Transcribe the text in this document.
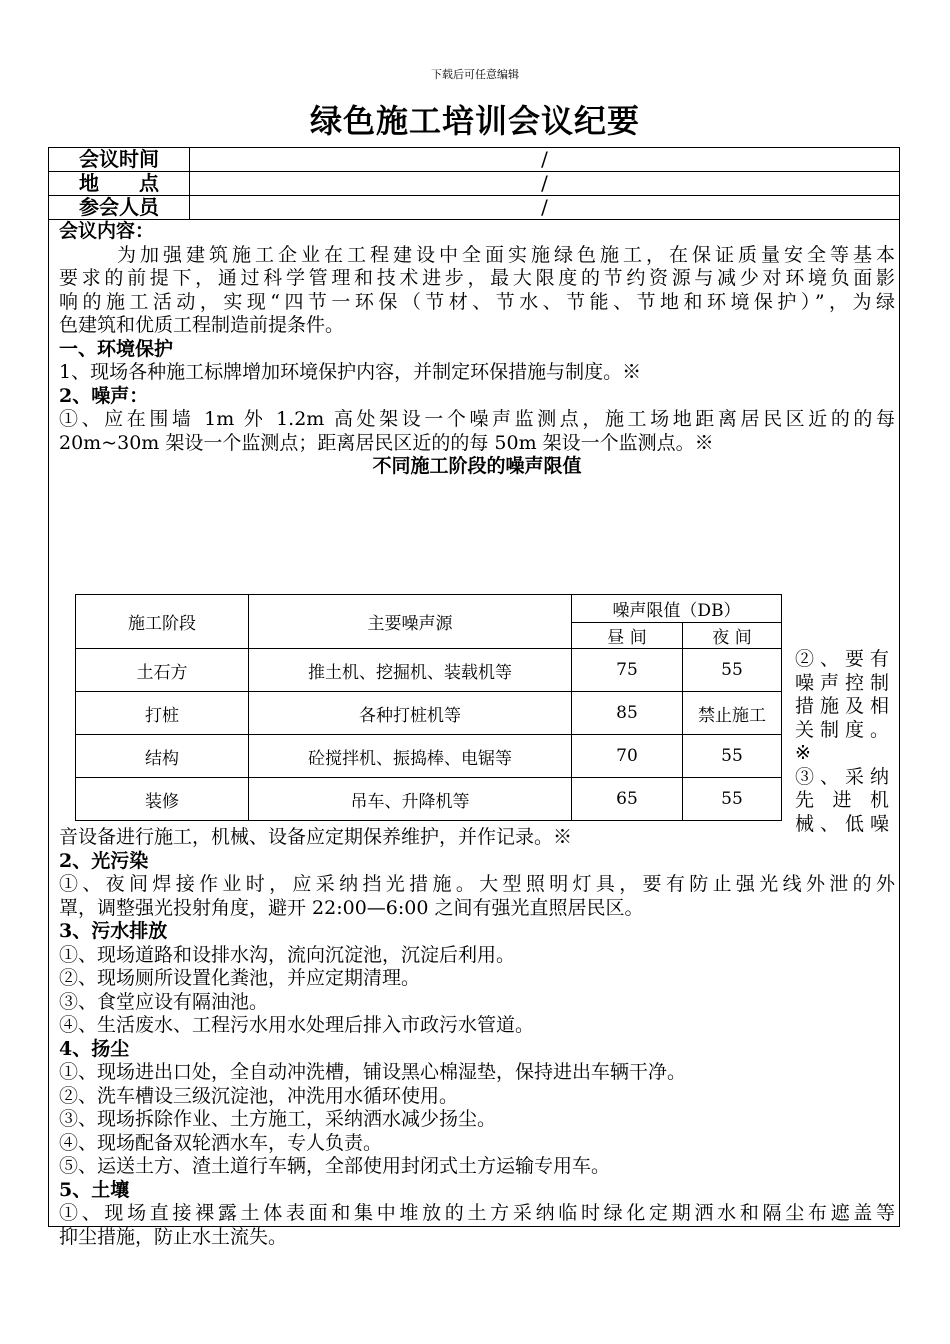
下载后可任意编辑
绿色施工培训会议纪要
会议时间	/
地　　点	/
参会人员	/
会议内容：
为加强建筑施工企业在工程建设中全面实施绿色施工，在保证质量安全等基本
要求的前提下，通过科学管理和技术进步，最大限度的节约资源与减少对环境负面影
响的施工活动，实现“四节一环保（节材、节水、节能、节地和环境保护）”，为绿
色建筑和优质工程制造前提条件。
一、环境保护
1、现场各种施工标牌增加环境保护内容，并制定环保措施与制度。※
2、噪声：
①、应在围墙 1m 外 1.2m 高处架设一个噪声监测点，施工场地距离居民区近的的每
20m~30m 架设一个监测点；距离居民区近的的每 50m 架设一个监测点。※
不同施工阶段的噪声限值
施工阶段	主要噪声源	噪声限值（DB）	
		昼 间	夜 间
土石方	推土机、挖掘机、装载机等	75	55
打桩	各种打桩机等	85	禁止施工
结构	砼搅拌机、振捣棒、电锯等	70	55
装修	吊车、升降机等	65	55
②、要有
噪声控制
措施及相
关制度。
※
③、采纳
先 进 机
械、低噪
音设备进行施工，机械、设备应定期保养维护，并作记录。※
2、光污染
①、夜间焊接作业时，应采纳挡光措施。大型照明灯具，要有防止强光线外泄的外
罩，调整强光投射角度，避开 22:00—6:00 之间有强光直照居民区。
3、污水排放
①、现场道路和设排水沟，流向沉淀池，沉淀后利用。
②、现场厕所设置化粪池，并应定期清理。
③、食堂应设有隔油池。
④、生活废水、工程污水用水处理后排入市政污水管道。
4、扬尘
①、现场进出口处，全自动冲洗槽，铺设黑心棉湿垫，保持进出车辆干净。
②、洗车槽设三级沉淀池，冲洗用水循环使用。
③、现场拆除作业、土方施工，采纳洒水减少扬尘。
④、现场配备双轮洒水车，专人负责。
⑤、运送土方、渣土道行车辆，全部使用封闭式土方运输专用车。
5、土壤
①、现场直接裸露土体表面和集中堆放的土方采纳临时绿化定期洒水和隔尘布遮盖等
抑尘措施，防止水土流失。
